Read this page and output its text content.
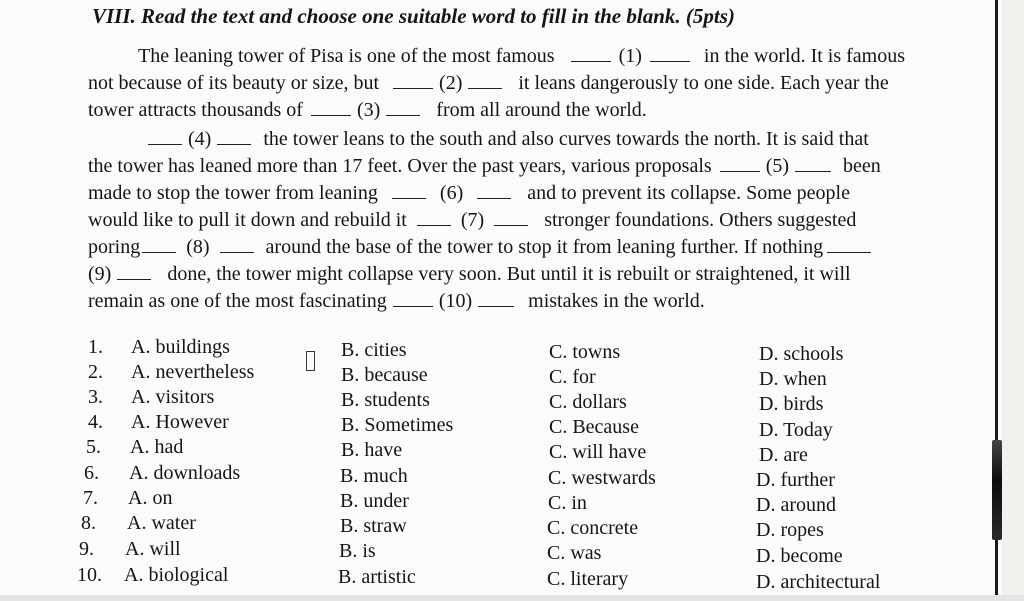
VIII. Read the text and choose one suitable word to fill in the blank. (5pts)
The leaning tower of Pisa is one of the most famous	(1)	in the world. It is famous
not because of its beauty or size, but	(2)	it leans dangerously to one side. Each year the
tower attracts thousands of	(3)	from all around the world.
(4)	the tower leans to the south and also curves towards the north. It is said that
the tower has leaned more than 17 feet. Over the past years, various proposals	(5)	been
made to stop the tower from leaning	(6)	and to prevent its collapse. Some people
would like to pull it down and rebuild it	(7)	stronger foundations. Others suggested
poring (8)	around the base of the tower to stop it from leaning further. If nothing
(9)	done, the tower might collapse very soon. But until it is rebuilt or straightened, it will
remain as one of the most fascinating	(10)	mistakes in the world.
1. A. buildings	B. cities	C. towns	D. schools
2. A. nevertheless	B. because	C. for	D. when
3. A. visitors	B. students	C. dollars	D. birds
4. A. However	B. Sometimes	C. Because	D. Today
5. A. had	B. have	C. will have	D. are
6. A. downloads	B. much	C. westwards	D. further
7. A. on	B. under	C. in	D. around
8. A. water	B. straw	C. concrete	D. ropes
9. A. will	B. is	C. was	D. become
10. A. biological	B. artistic	C. literary	D. architectural
